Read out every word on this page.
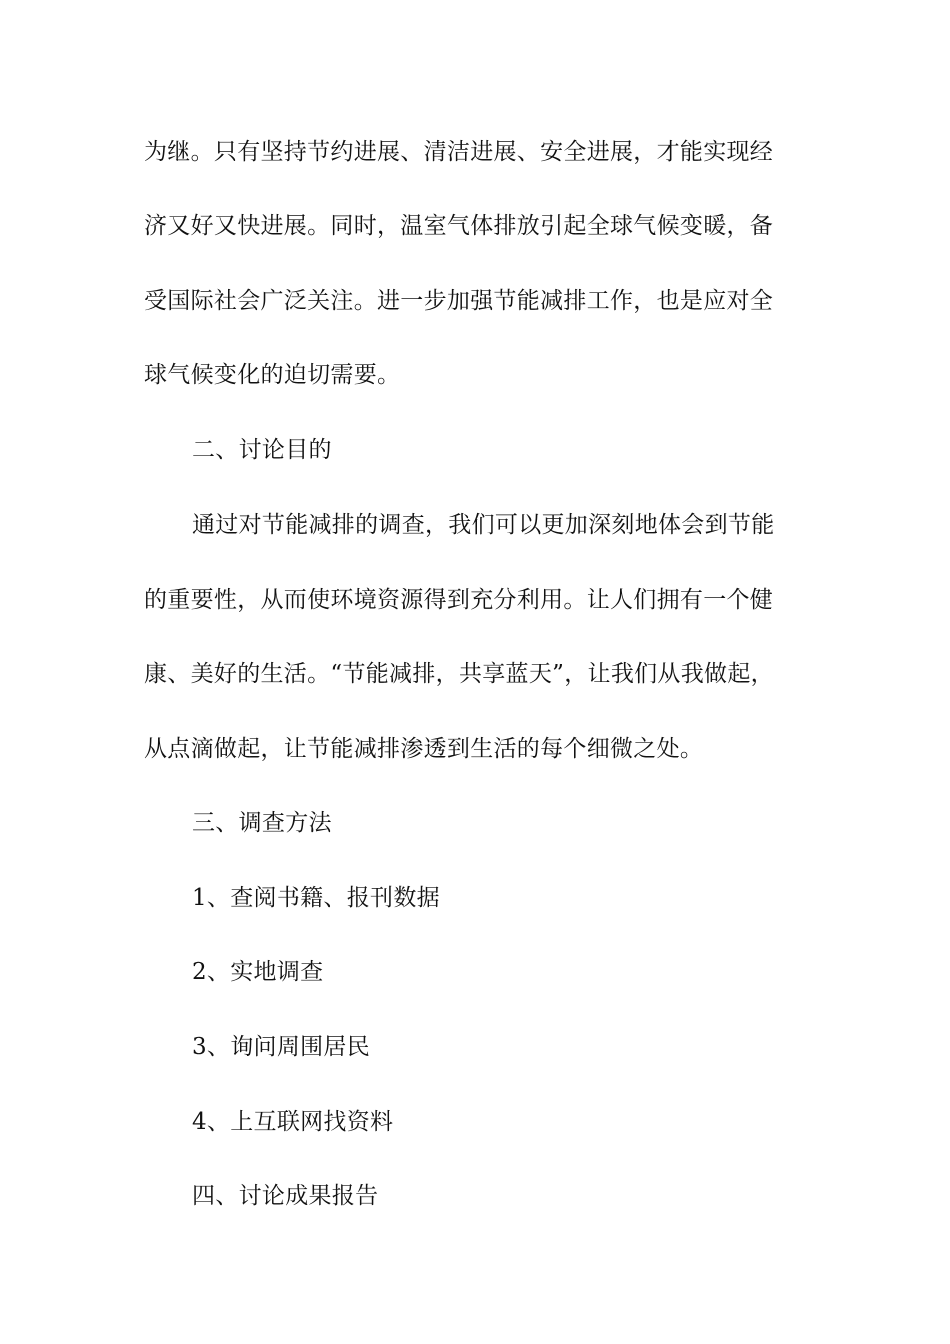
为继。只有坚持节约进展、清洁进展、安全进展，才能实现经
济又好又快进展。同时，温室气体排放引起全球气候变暖，备
受国际社会广泛关注。进一步加强节能减排工作，也是应对全
球气候变化的迫切需要。
二、讨论目的
通过对节能减排的调查，我们可以更加深刻地体会到节能
的重要性，从而使环境资源得到充分利用。让人们拥有一个健
康、美好的生活。“节能减排，共享蓝天”，让我们从我做起，
从点滴做起，让节能减排渗透到生活的每个细微之处。
三、调查方法
1、查阅书籍、报刊数据
2、实地调查
3、询问周围居民
4、上互联网找资料
四、讨论成果报告
